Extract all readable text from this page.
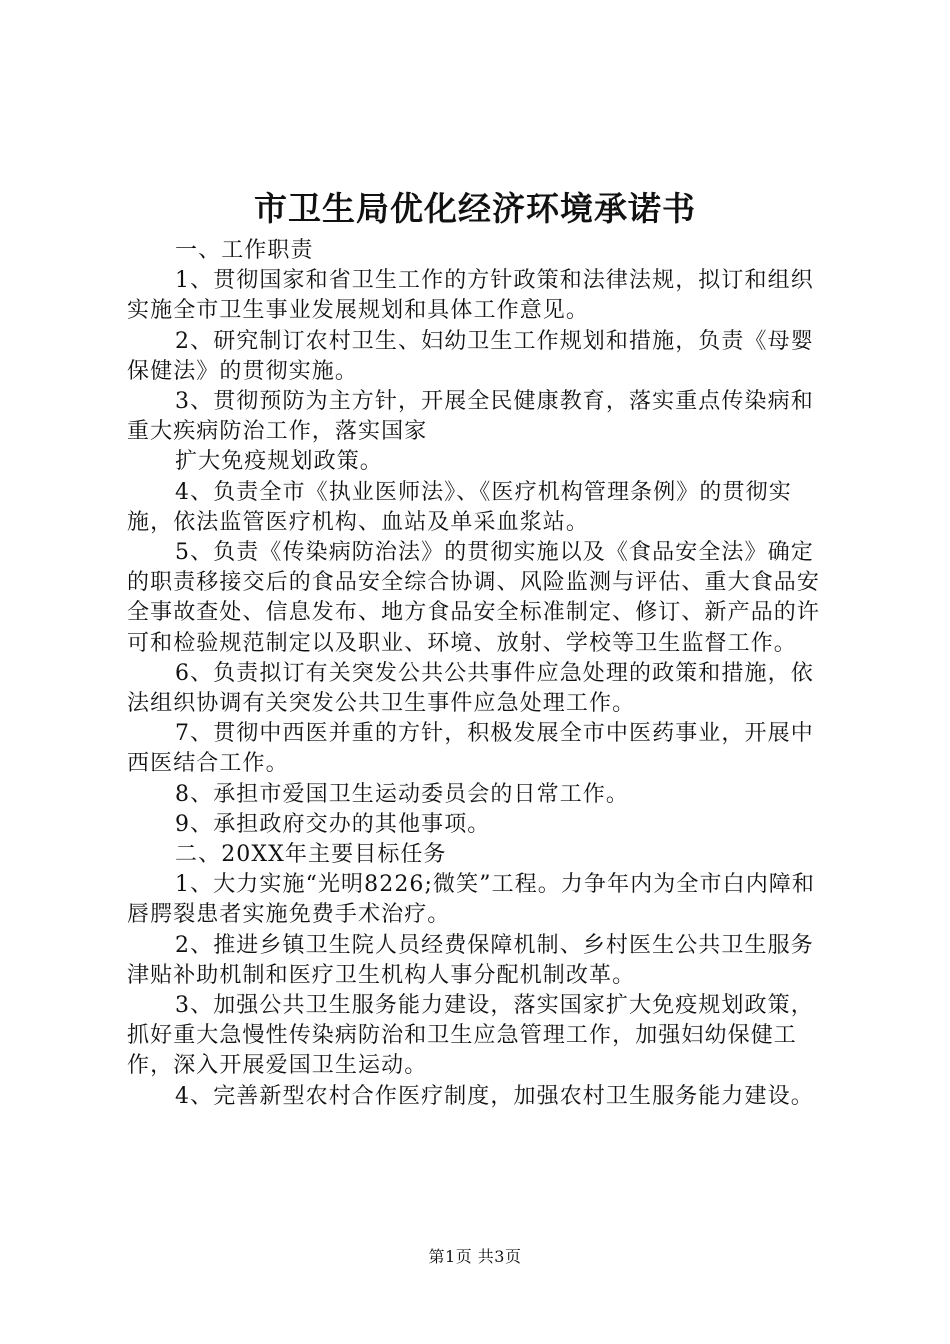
市卫生局优化经济环境承诺书

一、工作职责

1、贯彻国家和省卫生工作的方针政策和法律法规，拟订和组织实施全市卫生事业发展规划和具体工作意见。

2、研究制订农村卫生、妇幼卫生工作规划和措施，负责《母婴保健法》的贯彻实施。

3、贯彻预防为主方针，开展全民健康教育，落实重点传染病和重大疾病防治工作，落实国家

扩大免疫规划政策。

4、负责全市《执业医师法》、《医疗机构管理条例》的贯彻实施，依法监管医疗机构、血站及单采血浆站。

5、负责《传染病防治法》的贯彻实施以及《食品安全法》确定的职责移接交后的食品安全综合协调、风险监测与评估、重大食品安全事故查处、信息发布、地方食品安全标准制定、修订、新产品的许可和检验规范制定以及职业、环境、放射、学校等卫生监督工作。

6、负责拟订有关突发公共公共事件应急处理的政策和措施，依法组织协调有关突发公共卫生事件应急处理工作。

7、贯彻中西医并重的方针，积极发展全市中医药事业，开展中西医结合工作。

8、承担市爱国卫生运动委员会的日常工作。

9、承担政府交办的其他事项。

二、20XX年主要目标任务

1、大力实施“光明8226;微笑”工程。力争年内为全市白内障和唇腭裂患者实施免费手术治疗。

2、推进乡镇卫生院人员经费保障机制、乡村医生公共卫生服务津贴补助机制和医疗卫生机构人事分配机制改革。

3、加强公共卫生服务能力建设，落实国家扩大免疫规划政策，抓好重大急慢性传染病防治和卫生应急管理工作，加强妇幼保健工作，深入开展爱国卫生运动。

4、完善新型农村合作医疗制度，加强农村卫生服务能力建设。

第1页 共3页
